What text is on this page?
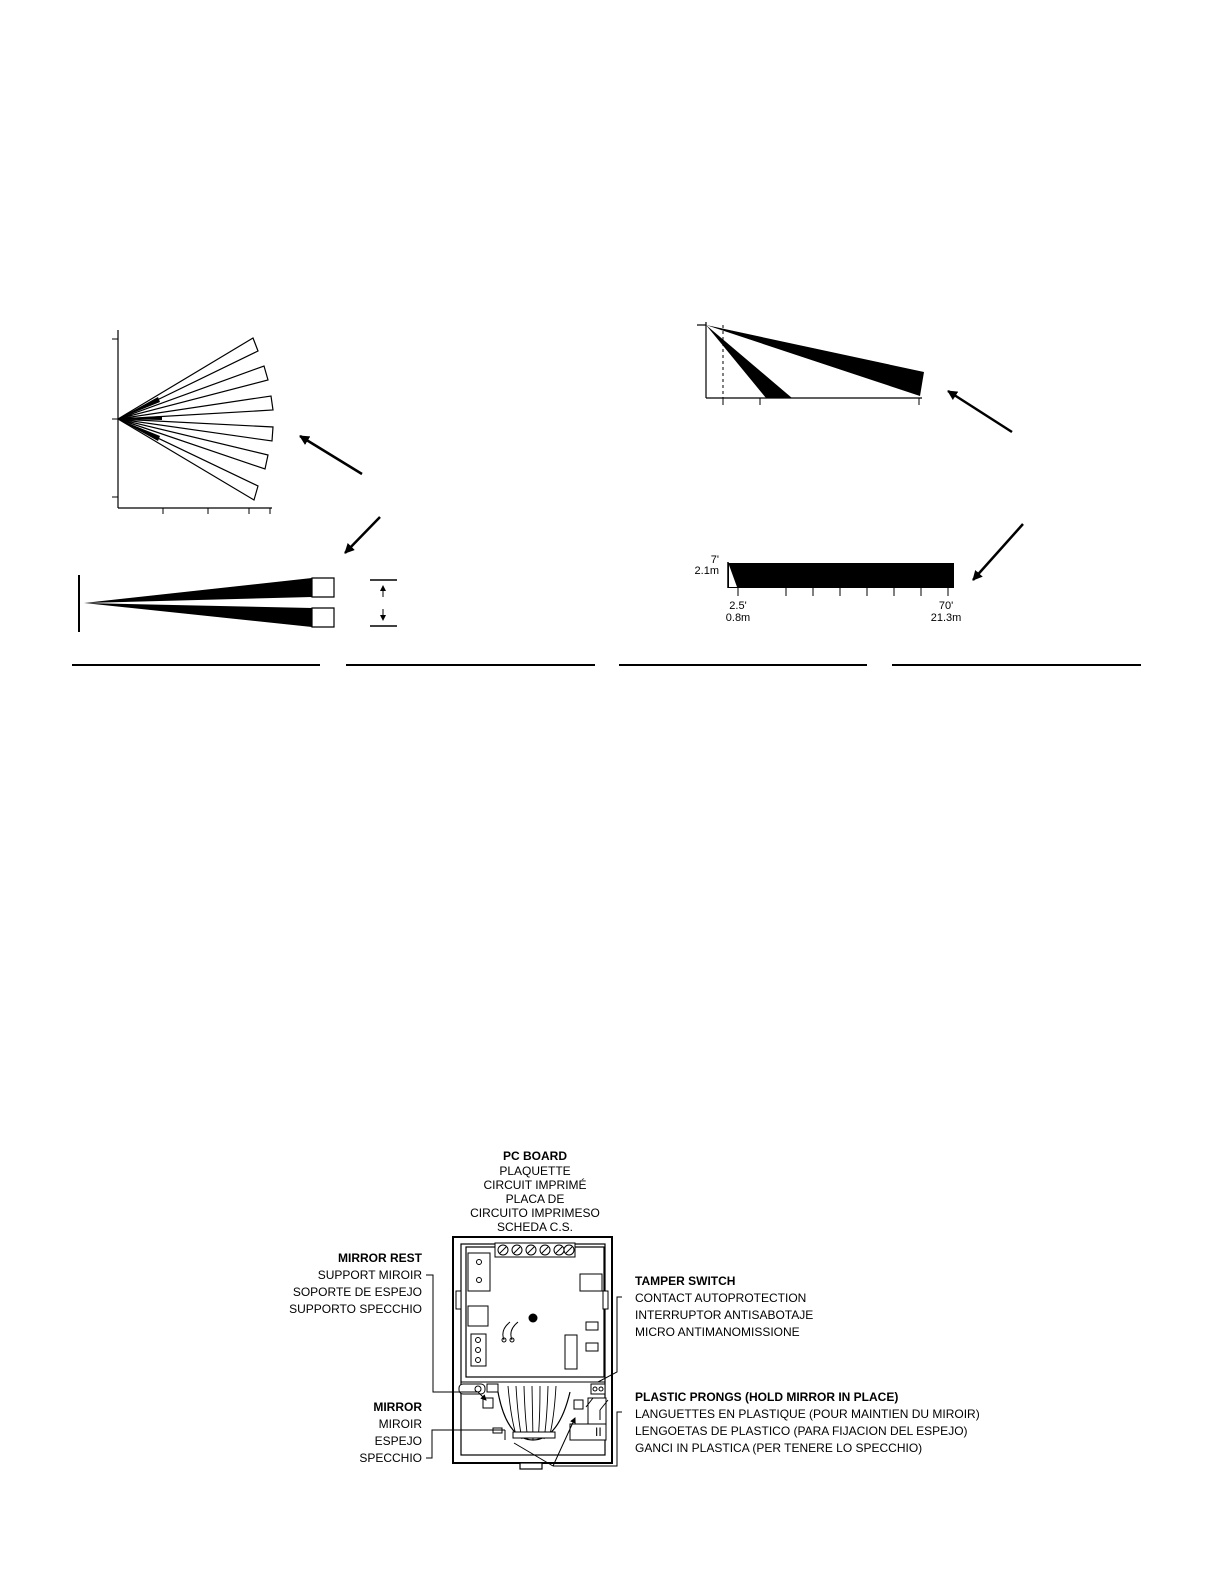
7'
2.1m
2.5'
0.8m
70'
21.3m
II
PC BOARD
PLAQUETTE
CIRCUIT IMPRIMÉ
PLACA DE
CIRCUITO IMPRIMESO
SCHEDA C.S.
MIRROR REST
SUPPORT MIROIR
SOPORTE DE ESPEJO
SUPPORTO SPECCHIO
MIRROR
MIROIR
ESPEJO
SPECCHIO
TAMPER SWITCH
CONTACT AUTOPROTECTION
INTERRUPTOR ANTISABOTAJE
MICRO ANTIMANOMISSIONE
PLASTIC PRONGS (HOLD MIRROR IN PLACE)
LANGUETTES EN PLASTIQUE (POUR MAINTIEN DU MIROIR)
LENGOETAS DE PLASTICO (PARA FIJACION DEL ESPEJO)
GANCI IN PLASTICA (PER TENERE LO SPECCHIO)
